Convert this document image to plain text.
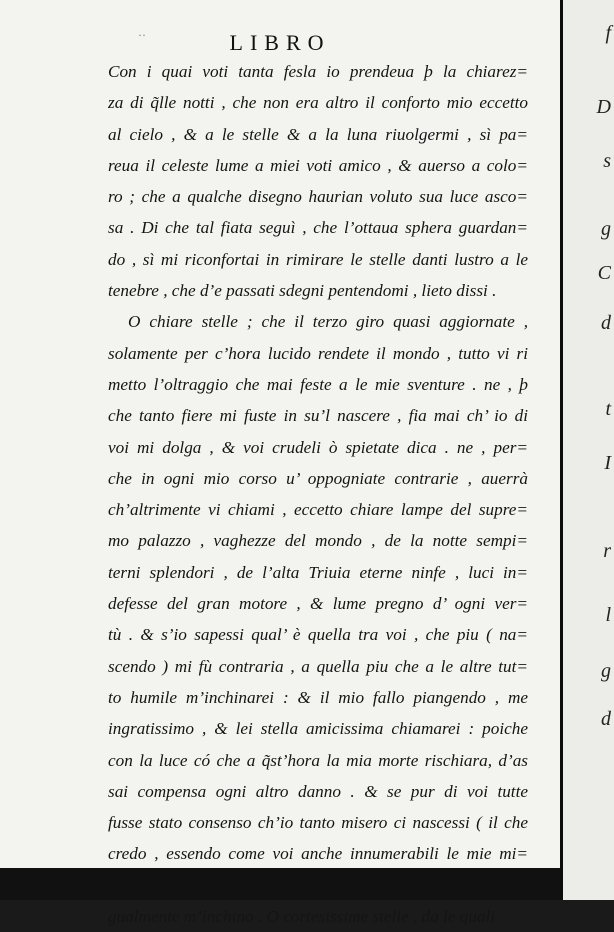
··	LIBRO
Con i quai voti tanta fesla io prendeua þ la chiarez=
za di q̃lle notti , che non era altro il conforto mio eccetto
al cielo , & a le stelle & a la luna riuolgermi , sì pa=
reua il celeste lume a miei voti amico , & auerso a colo=
ro ; che a qualche disegno haurian voluto sua luce asco=
sa . Di che tal fiata seguì , che l’ottaua sphera guardan=
do , sì mi riconfortai in rimirare le stelle danti lustro a le
tenebre , che d’e passati sdegni pentendomi , lieto dissi .
O chiare stelle ; che il terzo giro quasi aggiornate ,
solamente per c’hora lucido rendete il mondo , tutto vi ri
metto l’oltraggio che mai feste a le mie sventure . ne , þ
che tanto fiere mi fuste in su’l nascere , fia mai ch’ io di
voi mi dolga , & voi crudeli ò spietate dica . ne , per=
che in ogni mio corso u’ oppogniate contrarie , auerrà
ch’altrimente vi chiami , eccetto chiare lampe del supre=
mo palazzo , vaghezze del mondo , de la notte sempi=
terni splendori , de l’alta Triuia eterne ninfe , luci in=
defesse del gran motore , & lume pregno d’ ogni ver=
tù . & s’io sapessi qual’ è quella tra voi , che piu ( na=
scendo ) mi fù contraria , a quella piu che a le altre tut=
to humile m’inchinarei : & il mio fallo piangendo , me
ingratissimo , & lei stella amicissima chiamarei : poiche
con la luce có che a q̃st’hora la mia morte rischiara, d’as
sai compensa ogni altro danno . & se pur di voi tutte
fusse stato consenso ch’io tanto misero ci nascessi ( il che
credo , essendo come voi anche innumerabili le mie mi=
gualmente m’inchino . O cortesissime stelle , da le quali
f
D
s
g
C
d
t
I
r
l
g
d
